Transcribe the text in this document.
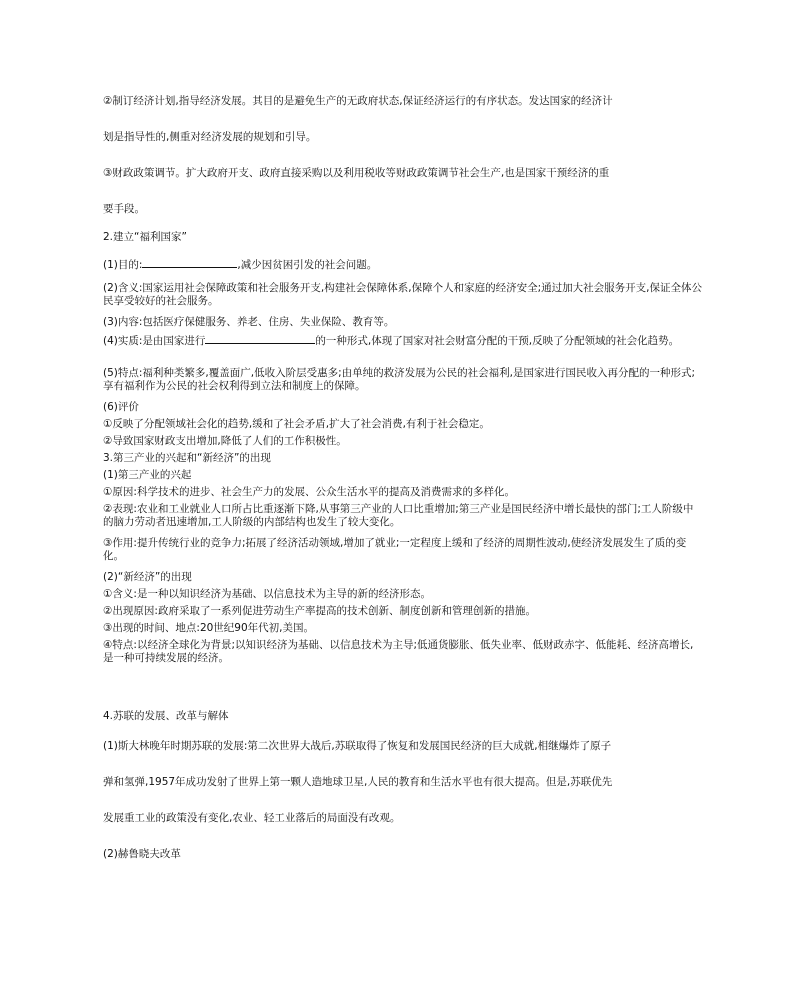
②制订经济计划,指导经济发展。其目的是避免生产的无政府状态,保证经济运行的有序状态。发达国家的经济计
划是指导性的,侧重对经济发展的规划和引导。
③财政政策调节。扩大政府开支、政府直接采购以及利用税收等财政政策调节社会生产,也是国家干预经济的重
要手段。
2.建立“福利国家”
(1)目的:	,减少因贫困引发的社会问题。
(2)含义:国家运用社会保障政策和社会服务开支,构建社会保障体系,保障个人和家庭的经济安全;通过加大社会服务开支,保证全体公民享受较好的社会服务。
(3)内容:包括医疗保健服务、养老、住房、失业保险、教育等。
(4)实质:是由国家进行	的一种形式,体现了国家对社会财富分配的干预,反映了分配领域的社会化趋势。
(5)特点:福利种类繁多,覆盖面广,低收入阶层受惠多;由单纯的救济发展为公民的社会福利,是国家进行国民收入再分配的一种形式;享有福利作为公民的社会权利得到立法和制度上的保障。
(6)评价
①反映了分配领域社会化的趋势,缓和了社会矛盾,扩大了社会消费,有利于社会稳定。
②导致国家财政支出增加,降低了人们的工作积极性。
3.第三产业的兴起和“新经济”的出现
(1)第三产业的兴起
①原因:科学技术的进步、社会生产力的发展、公众生活水平的提高及消费需求的多样化。
②表现:农业和工业就业人口所占比重逐渐下降,从事第三产业的人口比重增加;第三产业是国民经济中增长最快的部门;工人阶级中的脑力劳动者迅速增加,工人阶级的内部结构也发生了较大变化。
③作用:提升传统行业的竞争力;拓展了经济活动领域,增加了就业;一定程度上缓和了经济的周期性波动,使经济发展发生了质的变化。
(2)“新经济”的出现
①含义:是一种以知识经济为基础、以信息技术为主导的新的经济形态。
②出现原因:政府采取了一系列促进劳动生产率提高的技术创新、制度创新和管理创新的措施。
③出现的时间、地点:20世纪90年代初,美国。
④特点:以经济全球化为背景;以知识经济为基础、以信息技术为主导;低通货膨胀、低失业率、低财政赤字、低能耗、经济高增长,是一种可持续发展的经济。
4.苏联的发展、改革与解体
(1)斯大林晚年时期苏联的发展:第二次世界大战后,苏联取得了恢复和发展国民经济的巨大成就,相继爆炸了原子
弹和氢弹,1957年成功发射了世界上第一颗人造地球卫星,人民的教育和生活水平也有很大提高。但是,苏联优先
发展重工业的政策没有变化,农业、轻工业落后的局面没有改观。
(2)赫鲁晓夫改革
